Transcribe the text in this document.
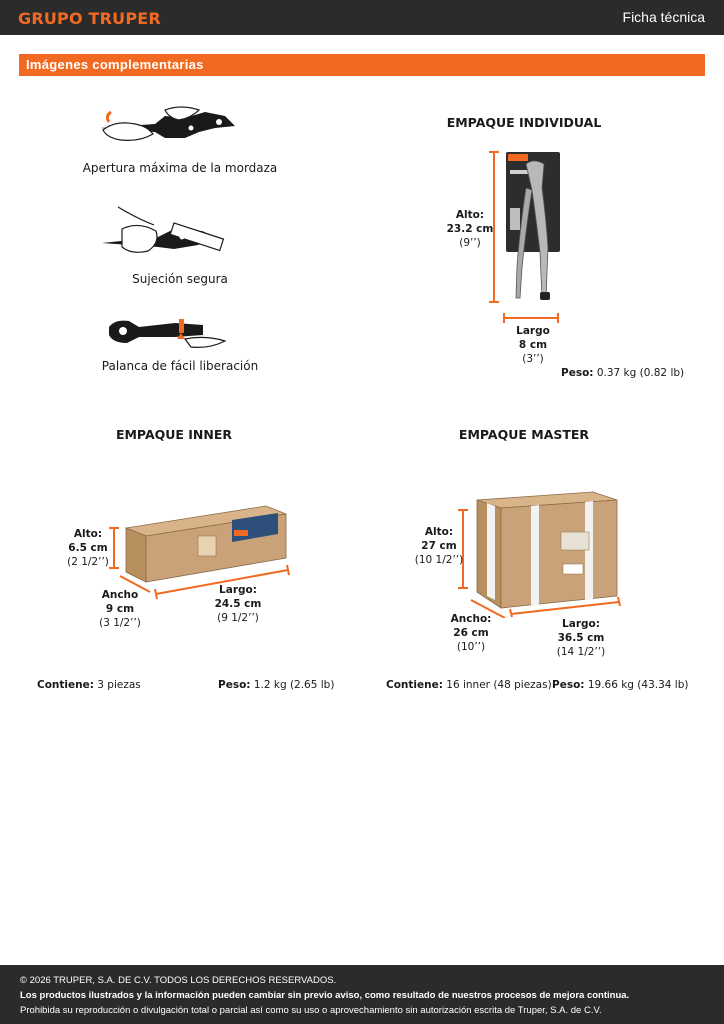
GRUPO TRUPER	Ficha técnica
Imágenes complementarias
Apertura máxima de la mordaza
Sujeción segura
Palanca de fácil liberación
EMPAQUE INDIVIDUAL
Alto:
23.2 cm
(9’’)
Largo
8 cm
(3’’)
Peso: 0.37 kg (0.82 lb)
EMPAQUE INNER
Alto:
6.5 cm
(2 1/2’’)
Ancho
9 cm
(3 1/2’’)
Largo:
24.5 cm
(9 1/2’’)
Contiene: 3 piezas	Peso: 1.2 kg (2.65 lb)
EMPAQUE MASTER
Alto:
27 cm
(10 1/2’’)
Ancho:
26 cm
(10’’)
Largo:
36.5 cm
(14 1/2’’)
Contiene: 16 inner (48 piezas) Peso: 19.66 kg (43.34 lb)
© 2026 TRUPER, S.A. DE C.V. TODOS LOS DERECHOS RESERVADOS.
Los productos ilustrados y la información pueden cambiar sin previo aviso, como resultado de nuestros procesos de mejora continua.
Prohibida su reproducción o divulgación total o parcial así como su uso o aprovechamiento sin autorización escrita de Truper, S.A. de C.V.
